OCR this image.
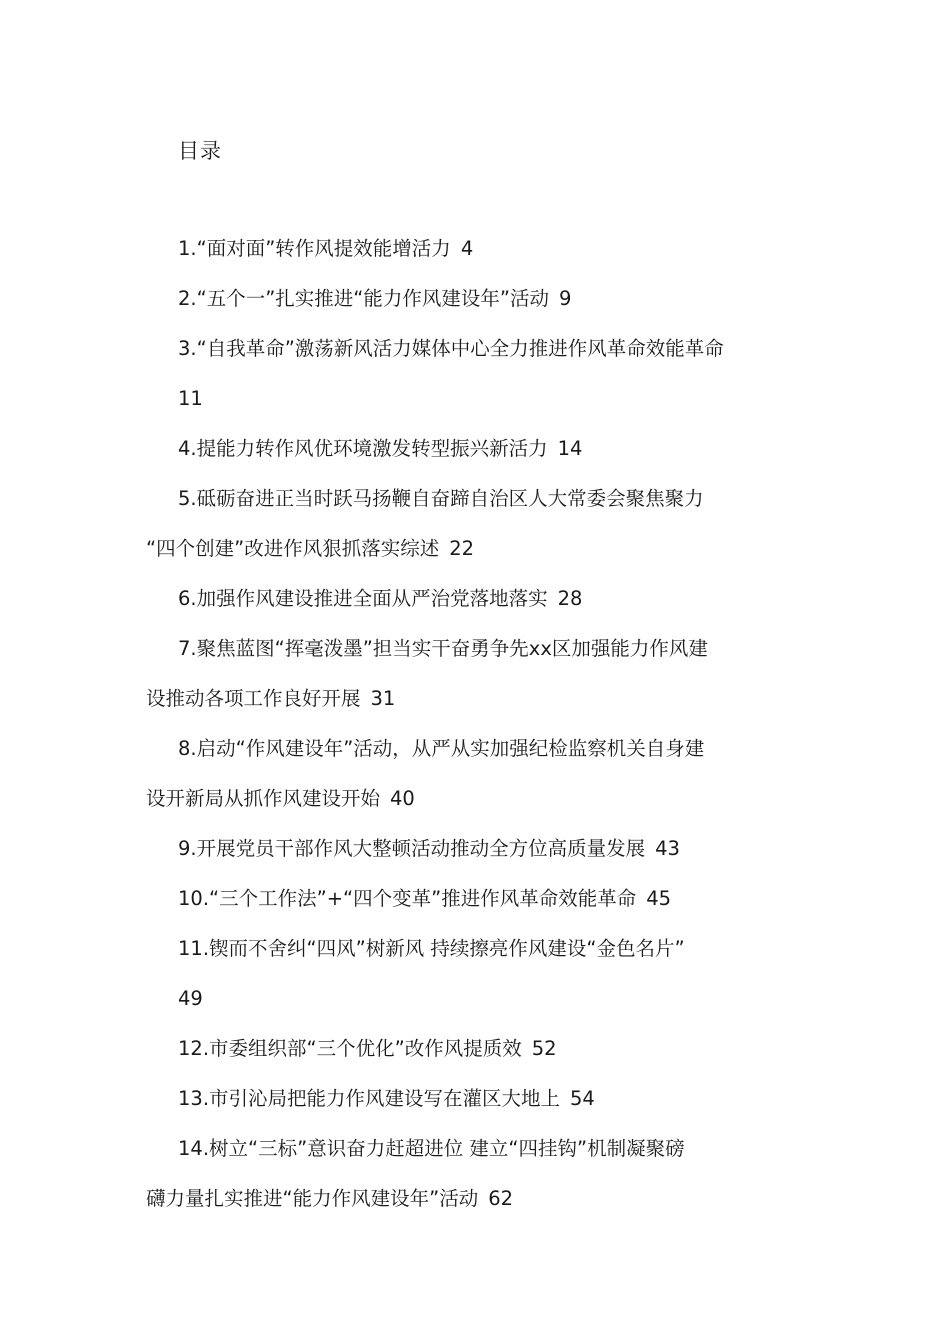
目录
1.“面对面”转作风提效能增活力 4
2.“五个一”扎实推进“能力作风建设年”活动 9
3.“自我革命”激荡新风活力媒体中心全力推进作风革命效能革命
11
4.提能力转作风优环境激发转型振兴新活力 14
5.砥砺奋进正当时跃马扬鞭自奋蹄自治区人大常委会聚焦聚力
“四个创建”改进作风狠抓落实综述 22
6.加强作风建设推进全面从严治党落地落实 28
7.聚焦蓝图“挥毫泼墨”担当实干奋勇争先xx区加强能力作风建
设推动各项工作良好开展 31
8.启动“作风建设年”活动，从严从实加强纪检监察机关自身建
设开新局从抓作风建设开始 40
9.开展党员干部作风大整顿活动推动全方位高质量发展 43
10.“三个工作法”+“四个变革”推进作风革命效能革命 45
11.锲而不舍纠“四风”树新风 持续擦亮作风建设“金色名片”
49
12.市委组织部“三个优化”改作风提质效 52
13.市引沁局把能力作风建设写在灌区大地上 54
14.树立“三标”意识奋力赶超进位 建立“四挂钩”机制凝聚磅
礴力量扎实推进“能力作风建设年”活动 62
